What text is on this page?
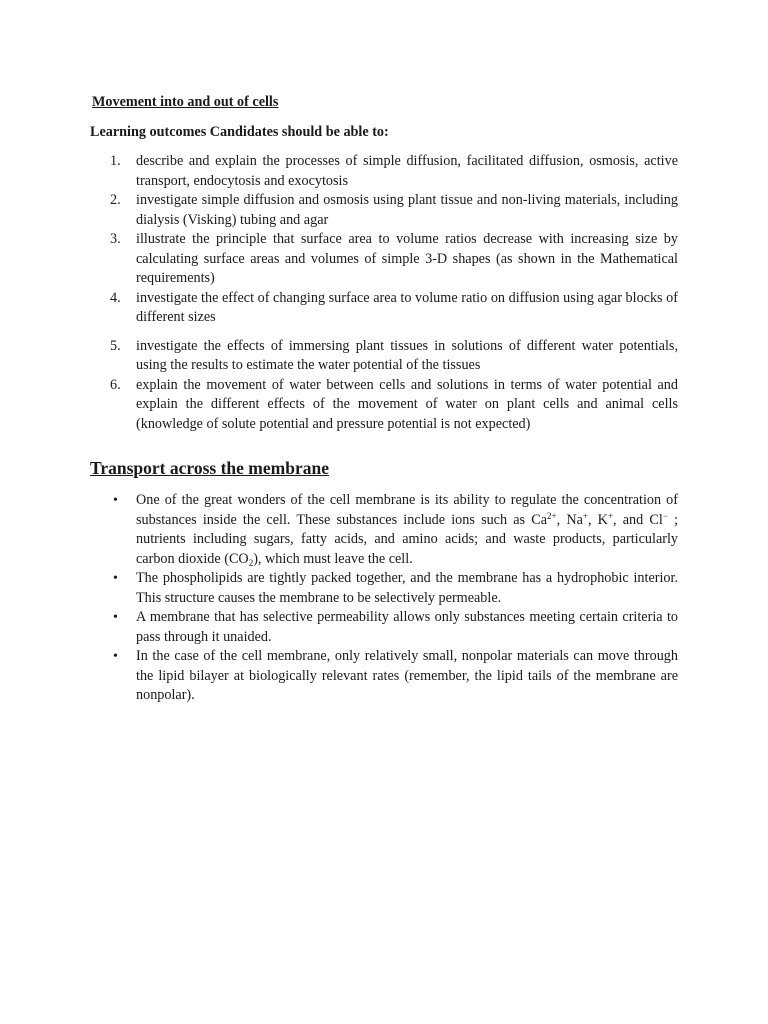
Movement into and out of cells

Learning outcomes Candidates should be able to:

1.	describe and explain the processes of simple diffusion, facilitated diffusion, osmosis, active transport, endocytosis and exocytosis
2.	investigate simple diffusion and osmosis using plant tissue and non-living materials, including dialysis (Visking) tubing and agar
3.	illustrate the principle that surface area to volume ratios decrease with increasing size by calculating surface areas and volumes of simple 3-D shapes (as shown in the Mathematical requirements)
4.	investigate the effect of changing surface area to volume ratio on diffusion using agar blocks of different sizes
5.	investigate the effects of immersing plant tissues in solutions of different water potentials, using the results to estimate the water potential of the tissues
6.	explain the movement of water between cells and solutions in terms of water potential and explain the different effects of the movement of water on plant cells and animal cells (knowledge of solute potential and pressure potential is not expected)
Transport across the membrane
• One of the great wonders of the cell membrane is its ability to regulate the concentration of substances inside the cell. These substances include ions such as $Ca^{2+}$, Na+, K+, and Cl− ; nutrients including sugars, fatty acids, and amino acids; and waste products, particularly carbon dioxide $(CO_2)$, which must leave the cell.
• The phospholipids are tightly packed together, and the membrane has a hydrophobic interior. This structure causes the membrane to be selectively permeable.
• A membrane that has selective permeability allows only substances meeting certain criteria to pass through it unaided.
• In the case of the cell membrane, only relatively small, nonpolar materials can move through the lipid bilayer at biologically relevant rates (remember, the lipid tails of the membrane are nonpolar).
